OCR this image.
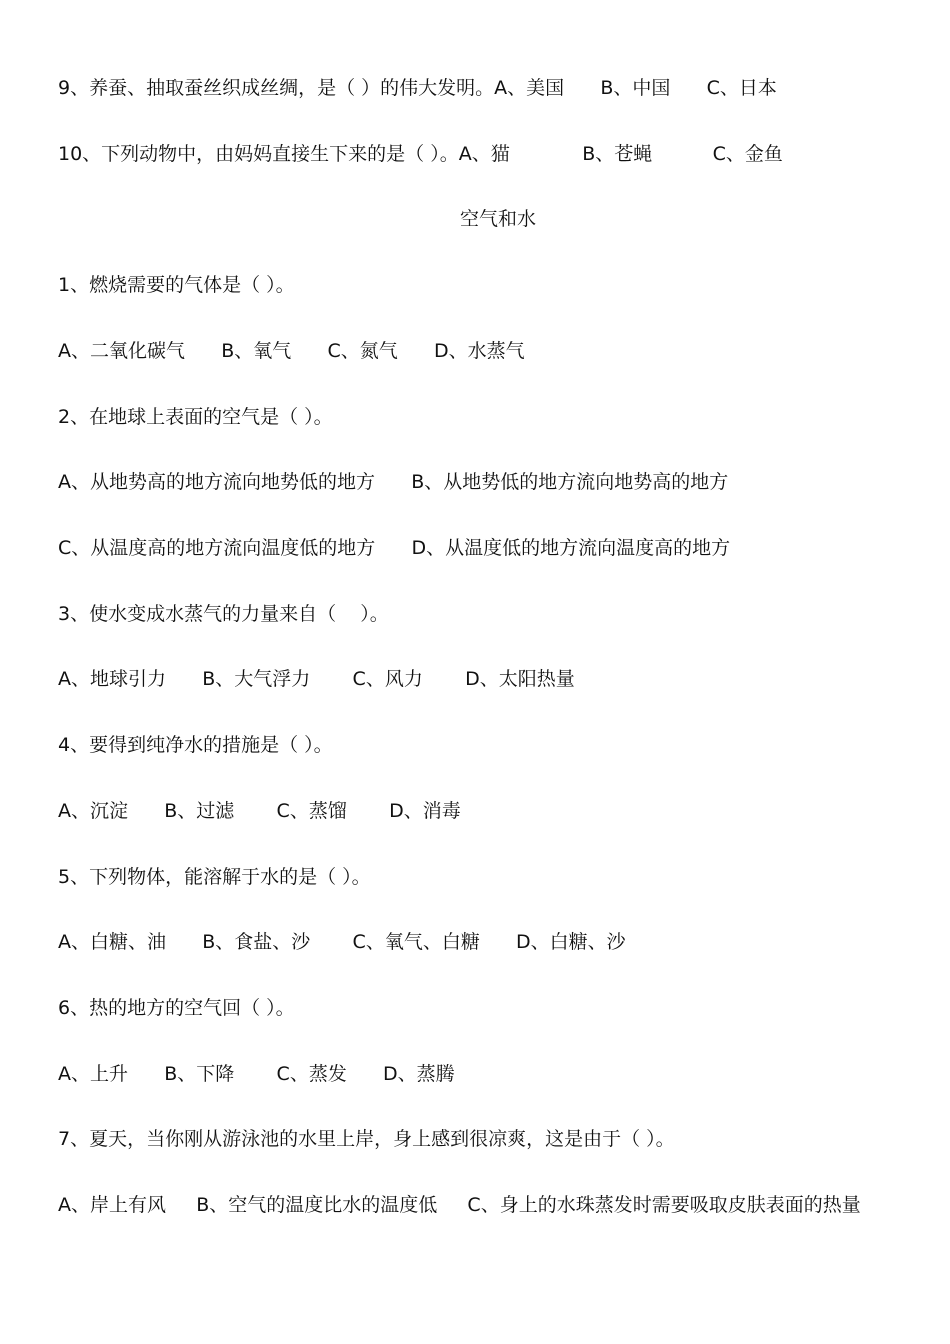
9、养蚕、抽取蚕丝织成丝绸，是（ ）的伟大发明。A、美国      B、中国      C、日本

10、下列动物中，由妈妈直接生下来的是（ ）。A、猫            B、苍蝇          C、金鱼

空气和水

1、燃烧需要的气体是（ ）。

A、二氧化碳气      B、氧气      C、氮气      D、水蒸气

2、在地球上表面的空气是（ ）。

A、从地势高的地方流向地势低的地方      B、从地势低的地方流向地势高的地方

C、从温度高的地方流向温度低的地方      D、从温度低的地方流向温度高的地方

3、使水变成水蒸气的力量来自（    ）。

A、地球引力      B、大气浮力       C、风力       D、太阳热量

4、要得到纯净水的措施是（ ）。

A、沉淀      B、过滤       C、蒸馏       D、消毒

5、下列物体，能溶解于水的是（ ）。

A、白糖、油      B、食盐、沙       C、氧气、白糖      D、白糖、沙

6、热的地方的空气回（ ）。

A、上升      B、下降       C、蒸发      D、蒸腾

7、夏天，当你刚从游泳池的水里上岸，身上感到很凉爽，这是由于（ ）。

A、岸上有风     B、空气的温度比水的温度低     C、身上的水珠蒸发时需要吸取皮肤表面的热量
